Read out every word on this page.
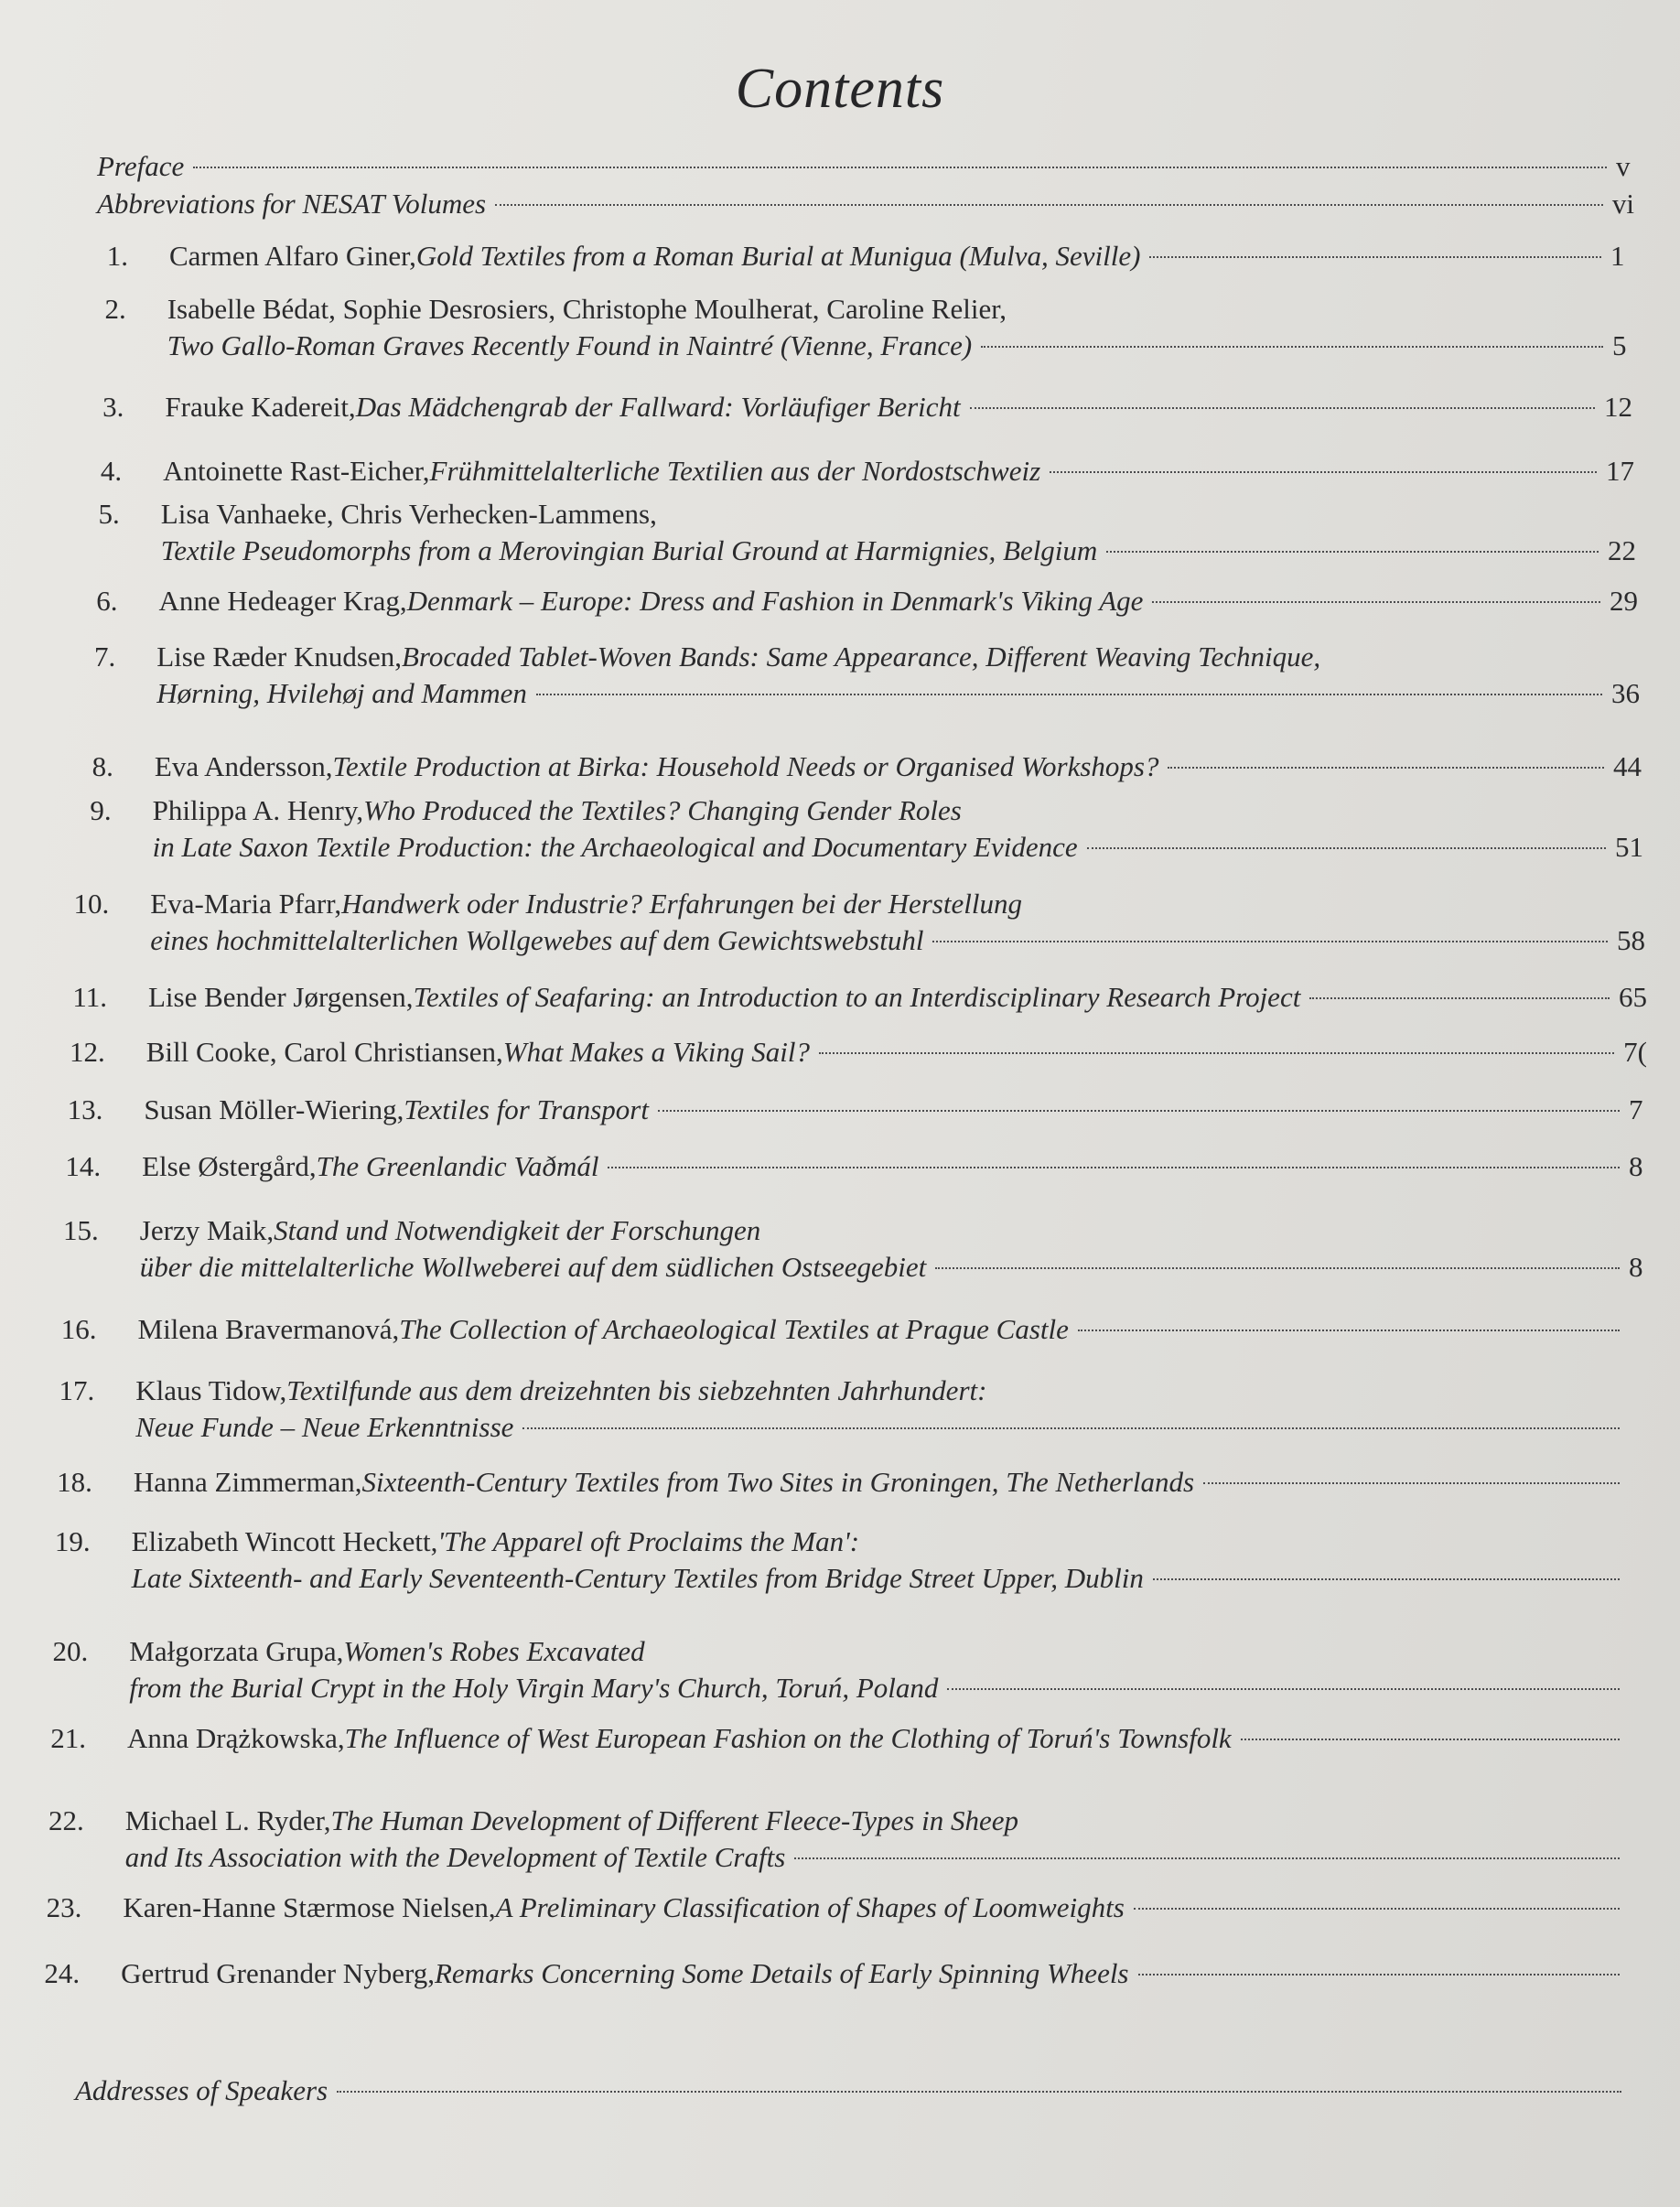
Contents
Preface	v
Abbreviations for NESAT Volumes	vi
1. Carmen Alfaro Giner, Gold Textiles from a Roman Burial at Munigua (Mulva, Seville)	1
2. Isabelle Bédat, Sophie Desrosiers, Christophe Moulherat, Caroline Relier,
Two Gallo-Roman Graves Recently Found in Naintré (Vienne, France)	5
3. Frauke Kadereit, Das Mädchengrab der Fallward: Vorläufiger Bericht	12
4. Antoinette Rast-Eicher, Frühmittelalterliche Textilien aus der Nordostschweiz	17
5. Lisa Vanhaeke, Chris Verhecken-Lammens,
Textile Pseudomorphs from a Merovingian Burial Ground at Harmignies, Belgium	22
6. Anne Hedeager Krag, Denmark – Europe: Dress and Fashion in Denmark's Viking Age	29
7. Lise Ræder Knudsen, Brocaded Tablet-Woven Bands: Same Appearance, Different Weaving Technique,
Hørning, Hvilehøj and Mammen	36
8. Eva Andersson, Textile Production at Birka: Household Needs or Organised Workshops?	44
9. Philippa A. Henry, Who Produced the Textiles? Changing Gender Roles
in Late Saxon Textile Production: the Archaeological and Documentary Evidence	51
10. Eva-Maria Pfarr, Handwerk oder Industrie? Erfahrungen bei der Herstellung
eines hochmittelalterlichen Wollgewebes auf dem Gewichtswebstuhl	58
11. Lise Bender Jørgensen, Textiles of Seafaring: an Introduction to an Interdisciplinary Research Project	65
12. Bill Cooke, Carol Christiansen, What Makes a Viking Sail?	7(
13. Susan Möller-Wiering, Textiles for Transport	7
14. Else Østergård, The Greenlandic Vaðmál	8
15. Jerzy Maik, Stand und Notwendigkeit der Forschungen
über die mittelalterliche Wollweberei auf dem südlichen Ostseegebiet	8
16. Milena Bravermanová, The Collection of Archaeological Textiles at Prague Castle
17. Klaus Tidow, Textilfunde aus dem dreizehnten bis siebzehnten Jahrhundert:
Neue Funde – Neue Erkenntnisse
18. Hanna Zimmerman, Sixteenth-Century Textiles from Two Sites in Groningen, The Netherlands
19. Elizabeth Wincott Heckett, 'The Apparel oft Proclaims the Man':
Late Sixteenth- and Early Seventeenth-Century Textiles from Bridge Street Upper, Dublin
20. Małgorzata Grupa, Women's Robes Excavated
from the Burial Crypt in the Holy Virgin Mary's Church, Toruń, Poland
21. Anna Drążkowska, The Influence of West European Fashion on the Clothing of Toruń's Townsfolk
22. Michael L. Ryder, The Human Development of Different Fleece-Types in Sheep
and Its Association with the Development of Textile Crafts
23. Karen-Hanne Stærmose Nielsen, A Preliminary Classification of Shapes of Loomweights
24. Gertrud Grenander Nyberg, Remarks Concerning Some Details of Early Spinning Wheels
Addresses of Speakers
